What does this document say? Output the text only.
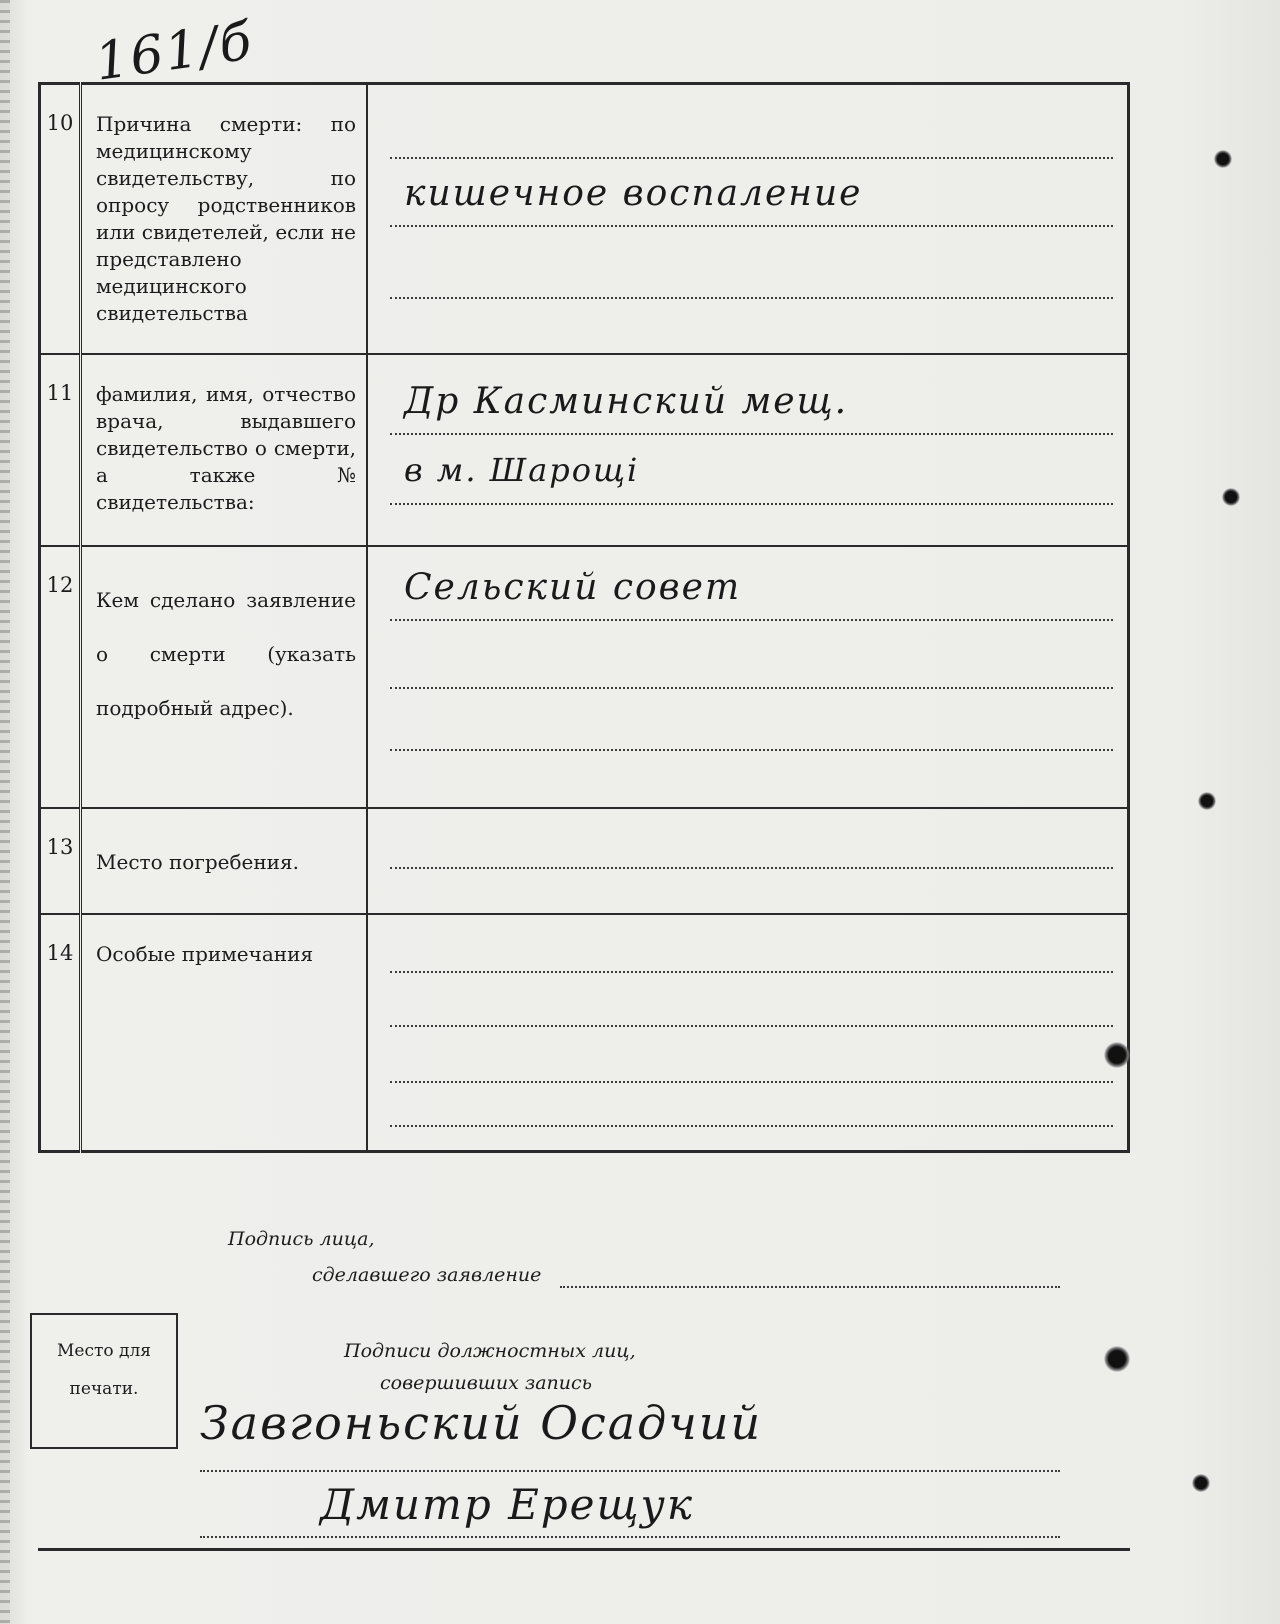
161/б
10	Причина смерти: по медицинскому свидетельству, по опросу родственников или свидетелей, если не представлено медицинского свидетельства	кишечное воспаление

11	фамилия, имя, отчество врача, выдавшего свидетельство о смерти, а также № свидетельства:	Др Касминский мещ.
в м. Шарощі

12	Кем сделано заявление о смерти (указать подробный адрес).	Сельский совет

13	Место погребения.	

14	Особые примечания	
Подпись лица,
сделавшего заявление
Место для
печати.
Подписи должностных лиц,
совершивших запись
Завгоньский Осадчий
Дмитр Ерещук
